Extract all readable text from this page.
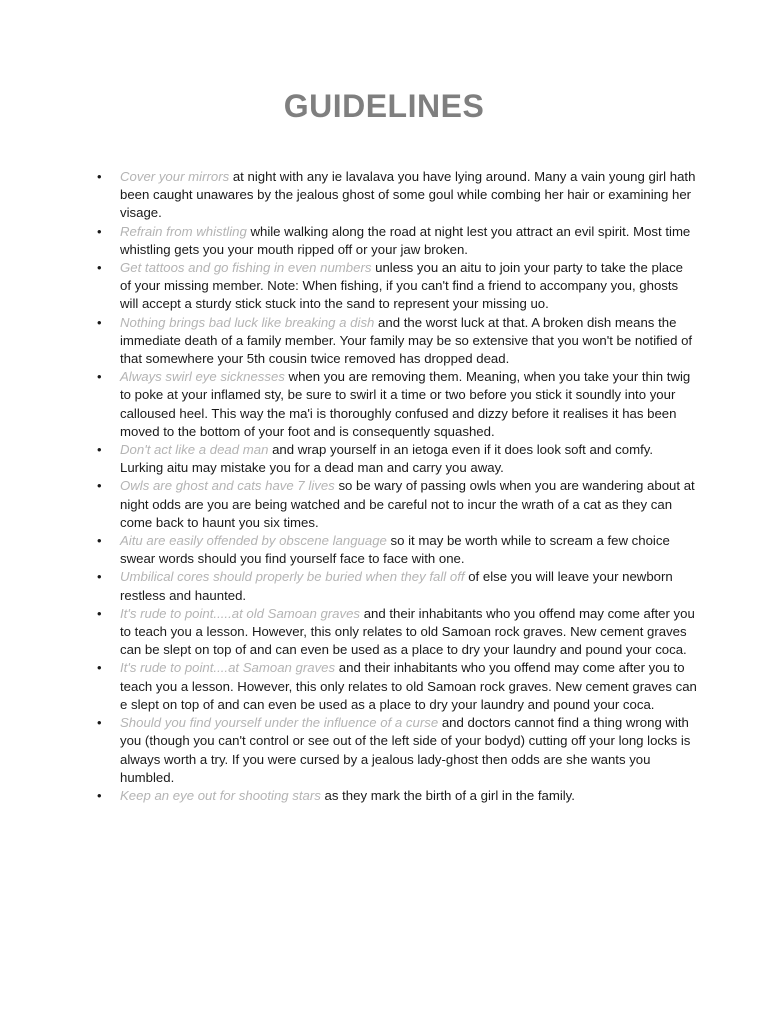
GUIDELINES
• Cover your mirrors at night with any ie lavalava you have lying around. Many a vain young girl hath been caught unawares by the jealous ghost of some goul while combing her hair or examining her visage.
• Refrain from whistling while walking along the road at night lest you attract an evil spirit. Most time whistling gets you your mouth ripped off or your jaw broken.
• Get tattoos and go fishing in even numbers unless you an aitu to join your party to take the place of your missing member. Note: When fishing, if you can't find a friend to accompany you, ghosts will accept a sturdy stick stuck into the sand to represent your missing uo.
• Nothing brings bad luck like breaking a dish and the worst luck at that. A broken dish means the immediate death of a family member. Your family may be so extensive that you won't be notified of that somewhere your 5th cousin twice removed has dropped dead.
• Always swirl eye sicknesses when you are removing them. Meaning, when you take your thin twig to poke at your inflamed sty, be sure to swirl it a time or two before you stick it soundly into your calloused heel. This way the ma'i is thoroughly confused and dizzy before it realises it has been moved to the bottom of your foot and is consequently squashed.
• Don't act like a dead man and wrap yourself in an ietoga even if it does look soft and comfy. Lurking aitu may mistake you for a dead man and carry you away.
• Owls are ghost and cats have 7 lives so be wary of passing owls when you are wandering about at night odds are you are being watched and be careful not to incur the wrath of a cat as they can come back to haunt you six times.
• Aitu are easily offended by obscene language so it may be worth while to scream a few choice swear words should you find yourself face to face with one.
• Umbilical cores should properly be buried when they fall off of else you will leave your newborn restless and haunted.
• It's rude to point.....at old Samoan graves and their inhabitants who you offend may come after you to teach you a lesson. However, this only relates to old Samoan rock graves. New cement graves can be slept on top of and can even be used as a place to dry your laundry and pound your coca.
• It's rude to point....at Samoan graves and their inhabitants who you offend may come after you to teach you a lesson. However, this only relates to old Samoan rock graves. New cement graves can e slept on top of and can even be used as a place to dry your laundry and pound your coca.
• Should you find yourself under the influence of a curse and doctors cannot find a thing wrong with you (though you can't control or see out of the left side of your bodyd) cutting off your long locks is always worth a try. If you were cursed by a jealous lady-ghost then odds are she wants you humbled.
• Keep an eye out for shooting stars as they mark the birth of a girl in the family.
